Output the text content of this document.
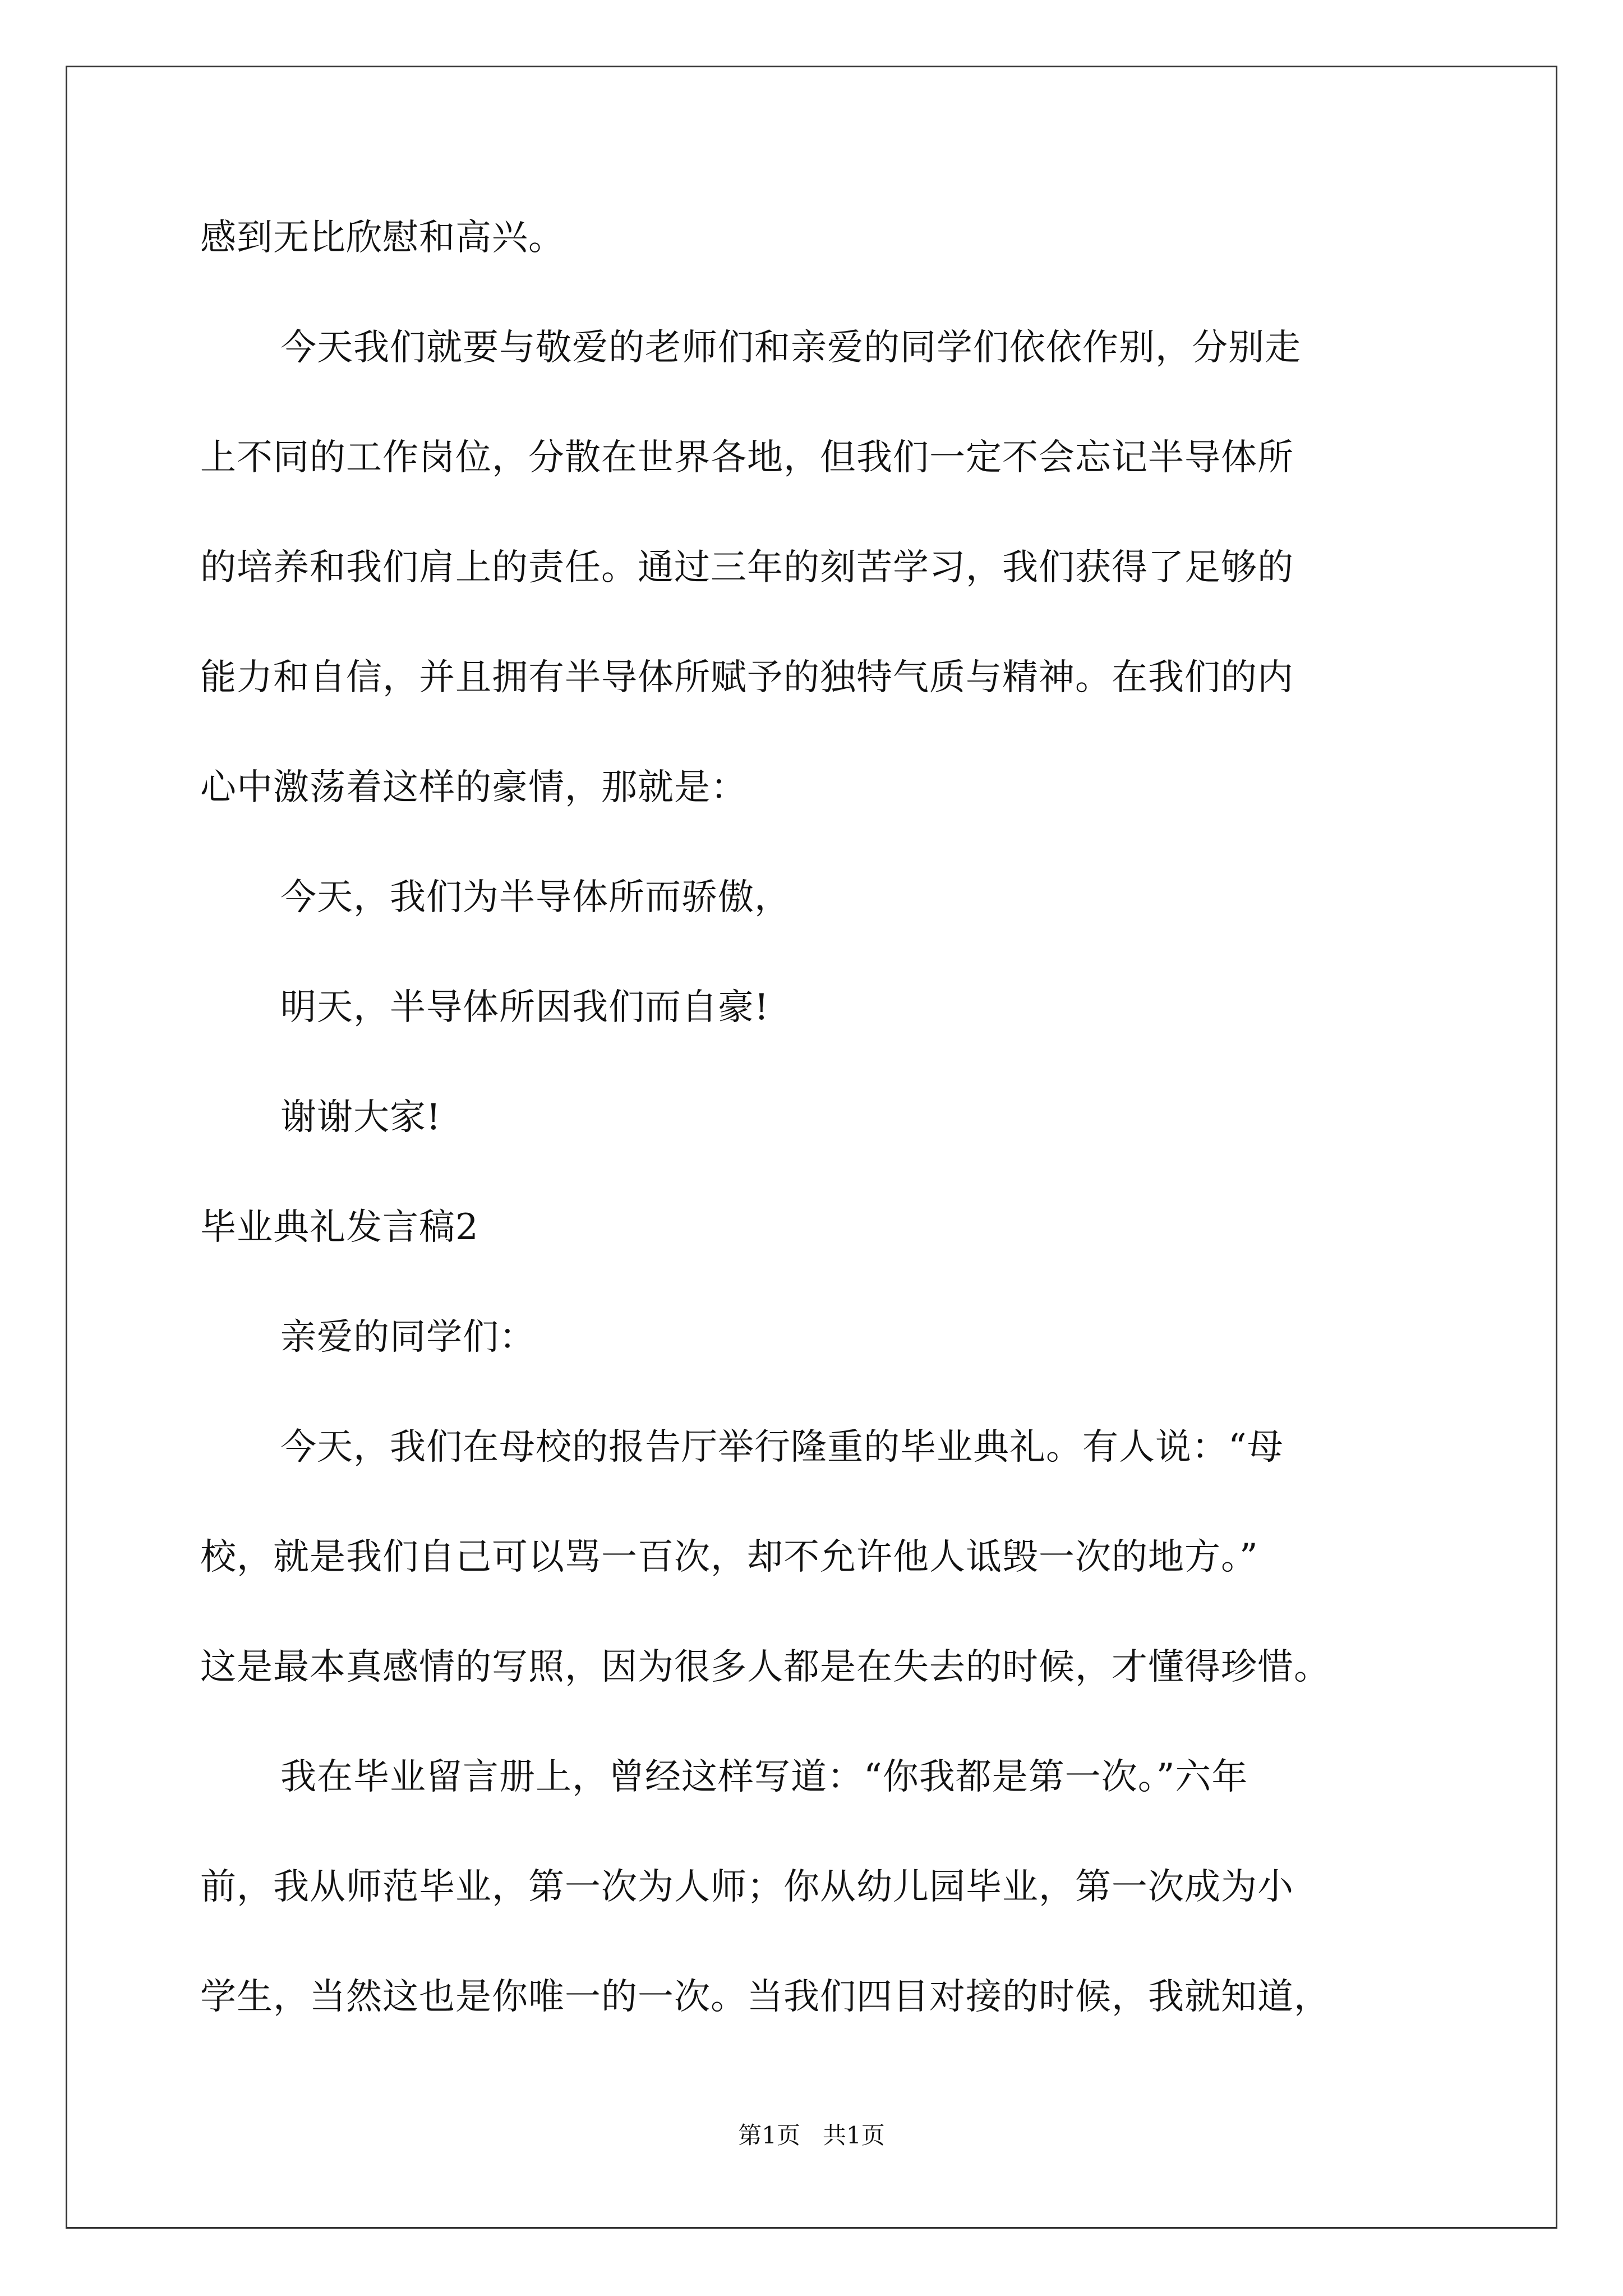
感到无比欣慰和高兴。
今天我们就要与敬爱的老师们和亲爱的同学们依依作别，分别走
上不同的工作岗位，分散在世界各地，但我们一定不会忘记半导体所
的培养和我们肩上的责任。通过三年的刻苦学习，我们获得了足够的
能力和自信，并且拥有半导体所赋予的独特气质与精神。在我们的内
心中激荡着这样的豪情，那就是：
今天，我们为半导体所而骄傲，
明天，半导体所因我们而自豪!
谢谢大家!
毕业典礼发言稿2
亲爱的同学们：
今天，我们在母校的报告厅举行隆重的毕业典礼。有人说：“母
校，就是我们自己可以骂一百次，却不允许他人诋毁一次的地方。”
这是最本真感情的写照，因为很多人都是在失去的时候，才懂得珍惜。
我在毕业留言册上，曾经这样写道：“你我都是第一次。”六年
前，我从师范毕业，第一次为人师；你从幼儿园毕业，第一次成为小
学生，当然这也是你唯一的一次。当我们四目对接的时候，我就知道，
第1页   共1页
